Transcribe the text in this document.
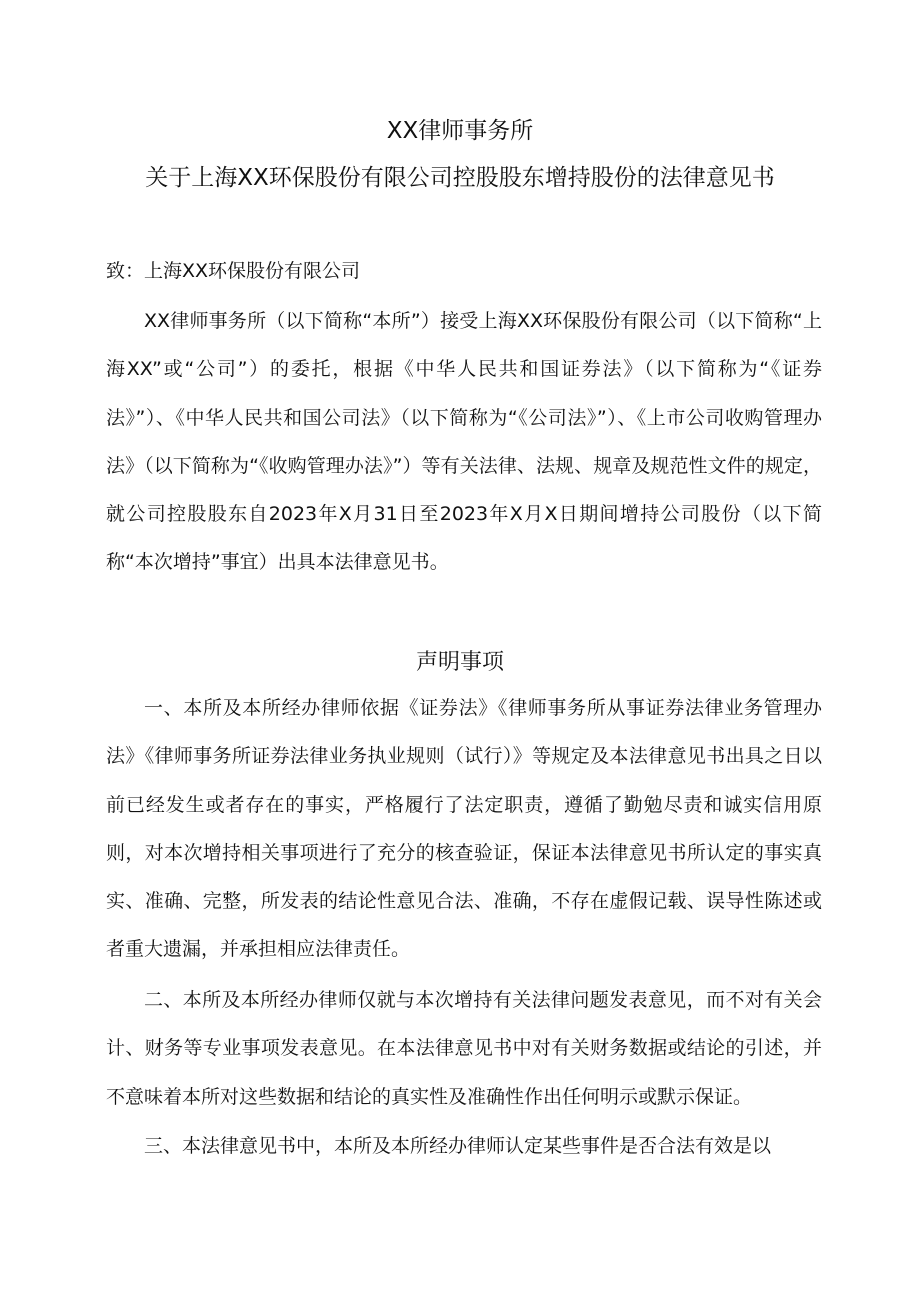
XX律师事务所
关于上海XX环保股份有限公司控股股东增持股份的法律意见书
致：上海XX环保股份有限公司

XX律师事务所（以下简称“本所”）接受上海XX环保股份有限公司（以下简称“上海XX”或“公司”）的委托，根据《中华人民共和国证券法》（以下简称为“《证券法》”）、《中华人民共和国公司法》（以下简称为“《公司法》”）、《上市公司收购管理办法》（以下简称为“《收购管理办法》”）等有关法律、法规、规章及规范性文件的规定，就公司控股股东自2023年X月31日至2023年X月X日期间增持公司股份（以下简称“本次增持”事宜）出具本法律意见书。

声明事项

一、本所及本所经办律师依据《证券法》《律师事务所从事证券法律业务管理办法》《律师事务所证券法律业务执业规则（试行）》等规定及本法律意见书出具之日以前已经发生或者存在的事实，严格履行了法定职责，遵循了勤勉尽责和诚实信用原则，对本次增持相关事项进行了充分的核查验证，保证本法律意见书所认定的事实真实、准确、完整，所发表的结论性意见合法、准确，不存在虚假记载、误导性陈述或者重大遗漏，并承担相应法律责任。

二、本所及本所经办律师仅就与本次增持有关法律问题发表意见，而不对有关会计、财务等专业事项发表意见。在本法律意见书中对有关财务数据或结论的引述，并不意味着本所对这些数据和结论的真实性及准确性作出任何明示或默示保证。

三、本法律意见书中，本所及本所经办律师认定某些事件是否合法有效是以
